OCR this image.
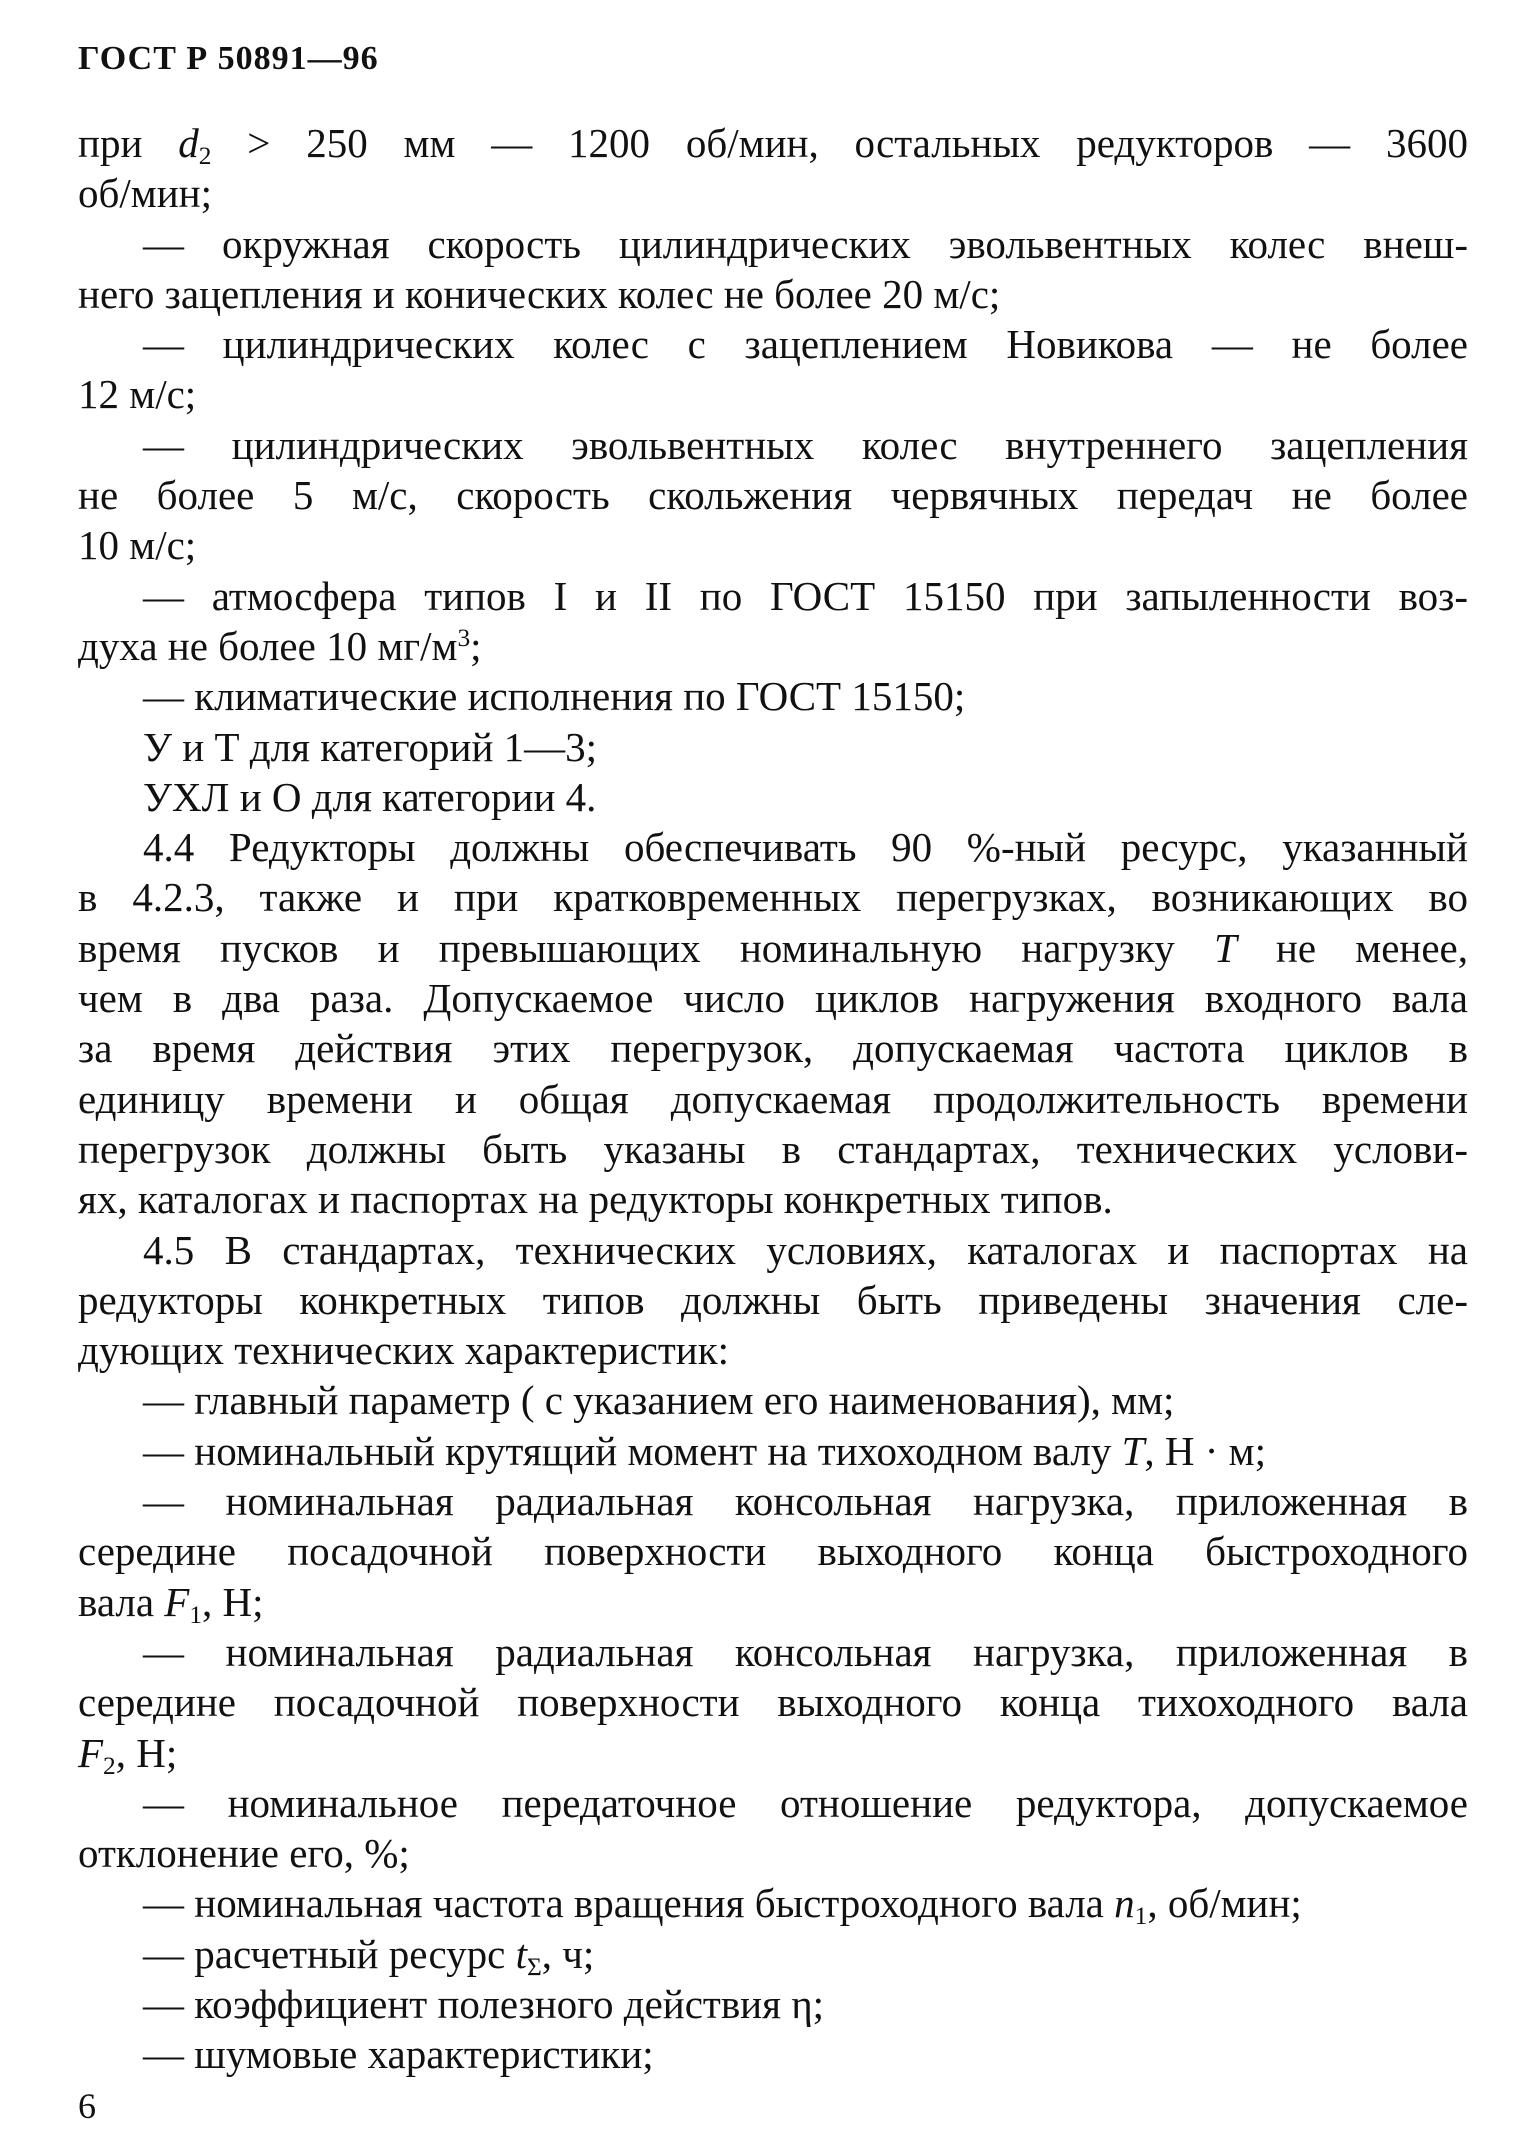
ГОСТ Р 50891—96
при $d_2 > 250$ мм — 1200 об/мин, остальных редукторов — 3600
об/мин;
— окружная скорость цилиндрических эвольвентных колес внеш-
него зацепления и конических колес не более 20 м/с;
— цилиндрических колес с зацеплением Новикова — не более
12 м/с;
— цилиндрических эвольвентных колес внутреннего зацепления
не более 5 м/с, скорость скольжения червячных передач не более
10 м/с;
— атмосфера типов I и II по ГОСТ 15150 при запыленности воз-
духа не более 10 $мг/м^3$;
— климатические исполнения по ГОСТ 15150;
У и Т для категорий 1—3;
УХЛ и О для категории 4.
4.4 Редукторы должны обеспечивать 90 %-ный ресурс, указанный
в 4.2.3, также и при кратковременных перегрузках, возникающих во
время пусков и превышающих номинальную нагрузку T не менее,
чем в два раза. Допускаемое число циклов нагружения входного вала
за время действия этих перегрузок, допускаемая частота циклов в
единицу времени и общая допускаемая продолжительность времени
перегрузок должны быть указаны в стандартах, технических услови-
ях, каталогах и паспортах на редукторы конкретных типов.
4.5 В стандартах, технических условиях, каталогах и паспортах на
редукторы конкретных типов должны быть приведены значения сле-
дующих технических характеристик:
— главный параметр ( с указанием его наименования), мм;
— номинальный крутящий момент на тихоходном валу T, Н · м;
— номинальная радиальная консольная нагрузка, приложенная в
середине посадочной поверхности выходного конца быстроходного
вала $F_1$, Н;
— номинальная радиальная консольная нагрузка, приложенная в
середине посадочной поверхности выходного конца тихоходного вала
$F_2$, Н;
— номинальное передаточное отношение редуктора, допускаемое
отклонение его, %;
— номинальная частота вращения быстроходного вала $n_1$, об/мин;
— расчетный ресурс $t_\Sigma$, ч;
— коэффициент полезного действия η;
— шумовые характеристики;
6
